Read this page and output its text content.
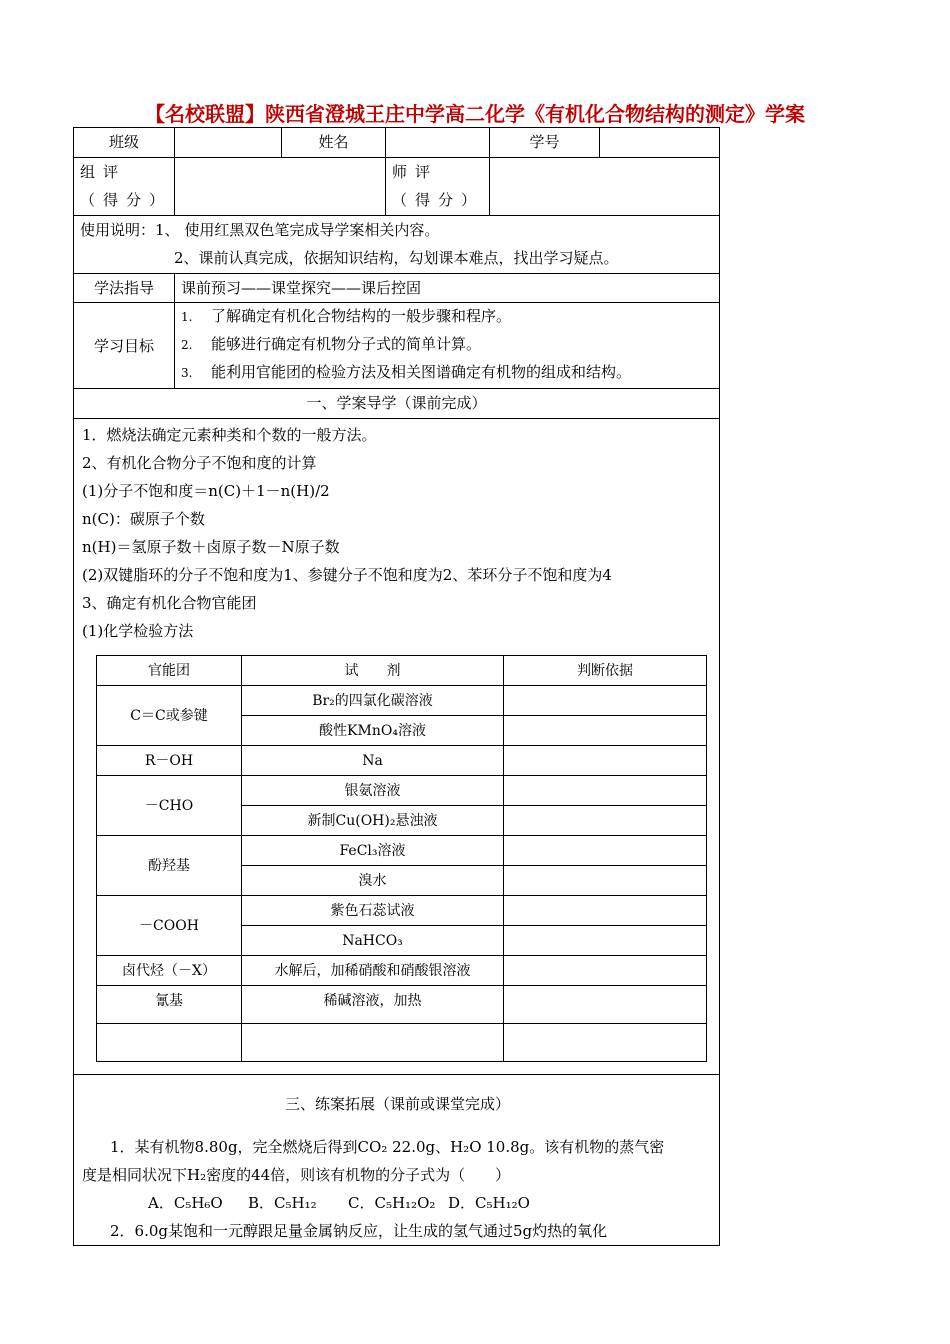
【名校联盟】陕西省澄城王庄中学高二化学《有机化合物结构的测定》学案
班级		姓名		学号	
组评（得分）		师评（得分）	

使用说明：1、 使用红黑双色笔完成导学案相关内容。
2、课前认真完成，依据知识结构，勾划课本难点，找出学习疑点。

学法指导	课前预习——课堂探究——课后控固
学习目标	
1. 了解确定有机化合物结构的一般步骤和程序。
2. 能够进行确定有机物分子式的简单计算。
3. 能利用官能团的检验方法及相关图谱确定有机物的组成和结构。

一、学案导学（课前完成）

1．燃烧法确定元素种类和个数的一般方法。

2、有机化合物分子不饱和度的计算

(1)分子不饱和度＝n(C)＋1－n(H)/2

n(C)：碳原子个数

n(H)＝氢原子数＋卤原子数－N原子数

(2)双键脂环的分子不饱和度为1、参键分子不饱和度为2、苯环分子不饱和度为4

3、确定有机化合物官能团

(1)化学检验方法

官能团	试　　剂	判断依据
C＝C或参键	Br₂的四氯化碳溶液	
酸性KMnO₄溶液	
R－OH	Na	
－CHO	银氨溶液	
新制Cu(OH)₂悬浊液	
酚羟基	FeCl₃溶液	
溴水	
－COOH	紫色石蕊试液	
NaHCO₃	
卤代烃（－X）	水解后，加稀硝酸和硝酸银溶液	
氰基	稀碱溶液，加热	

三、练案拓展（课前或课堂完成）
1．某有机物8.80g，完全燃烧后得到CO₂ 22.0g、H₂O 10.8g。该有机物的蒸气密
度是相同状况下H₂密度的44倍，则该有机物的分子式为（　　）
A．C₅H₆O B．C₅H₁₂ C．C₅H₁₂O₂ D．C₅H₁₂O
2．6.0g某饱和一元醇跟足量金属钠反应，让生成的氢气通过5g灼热的氧化
